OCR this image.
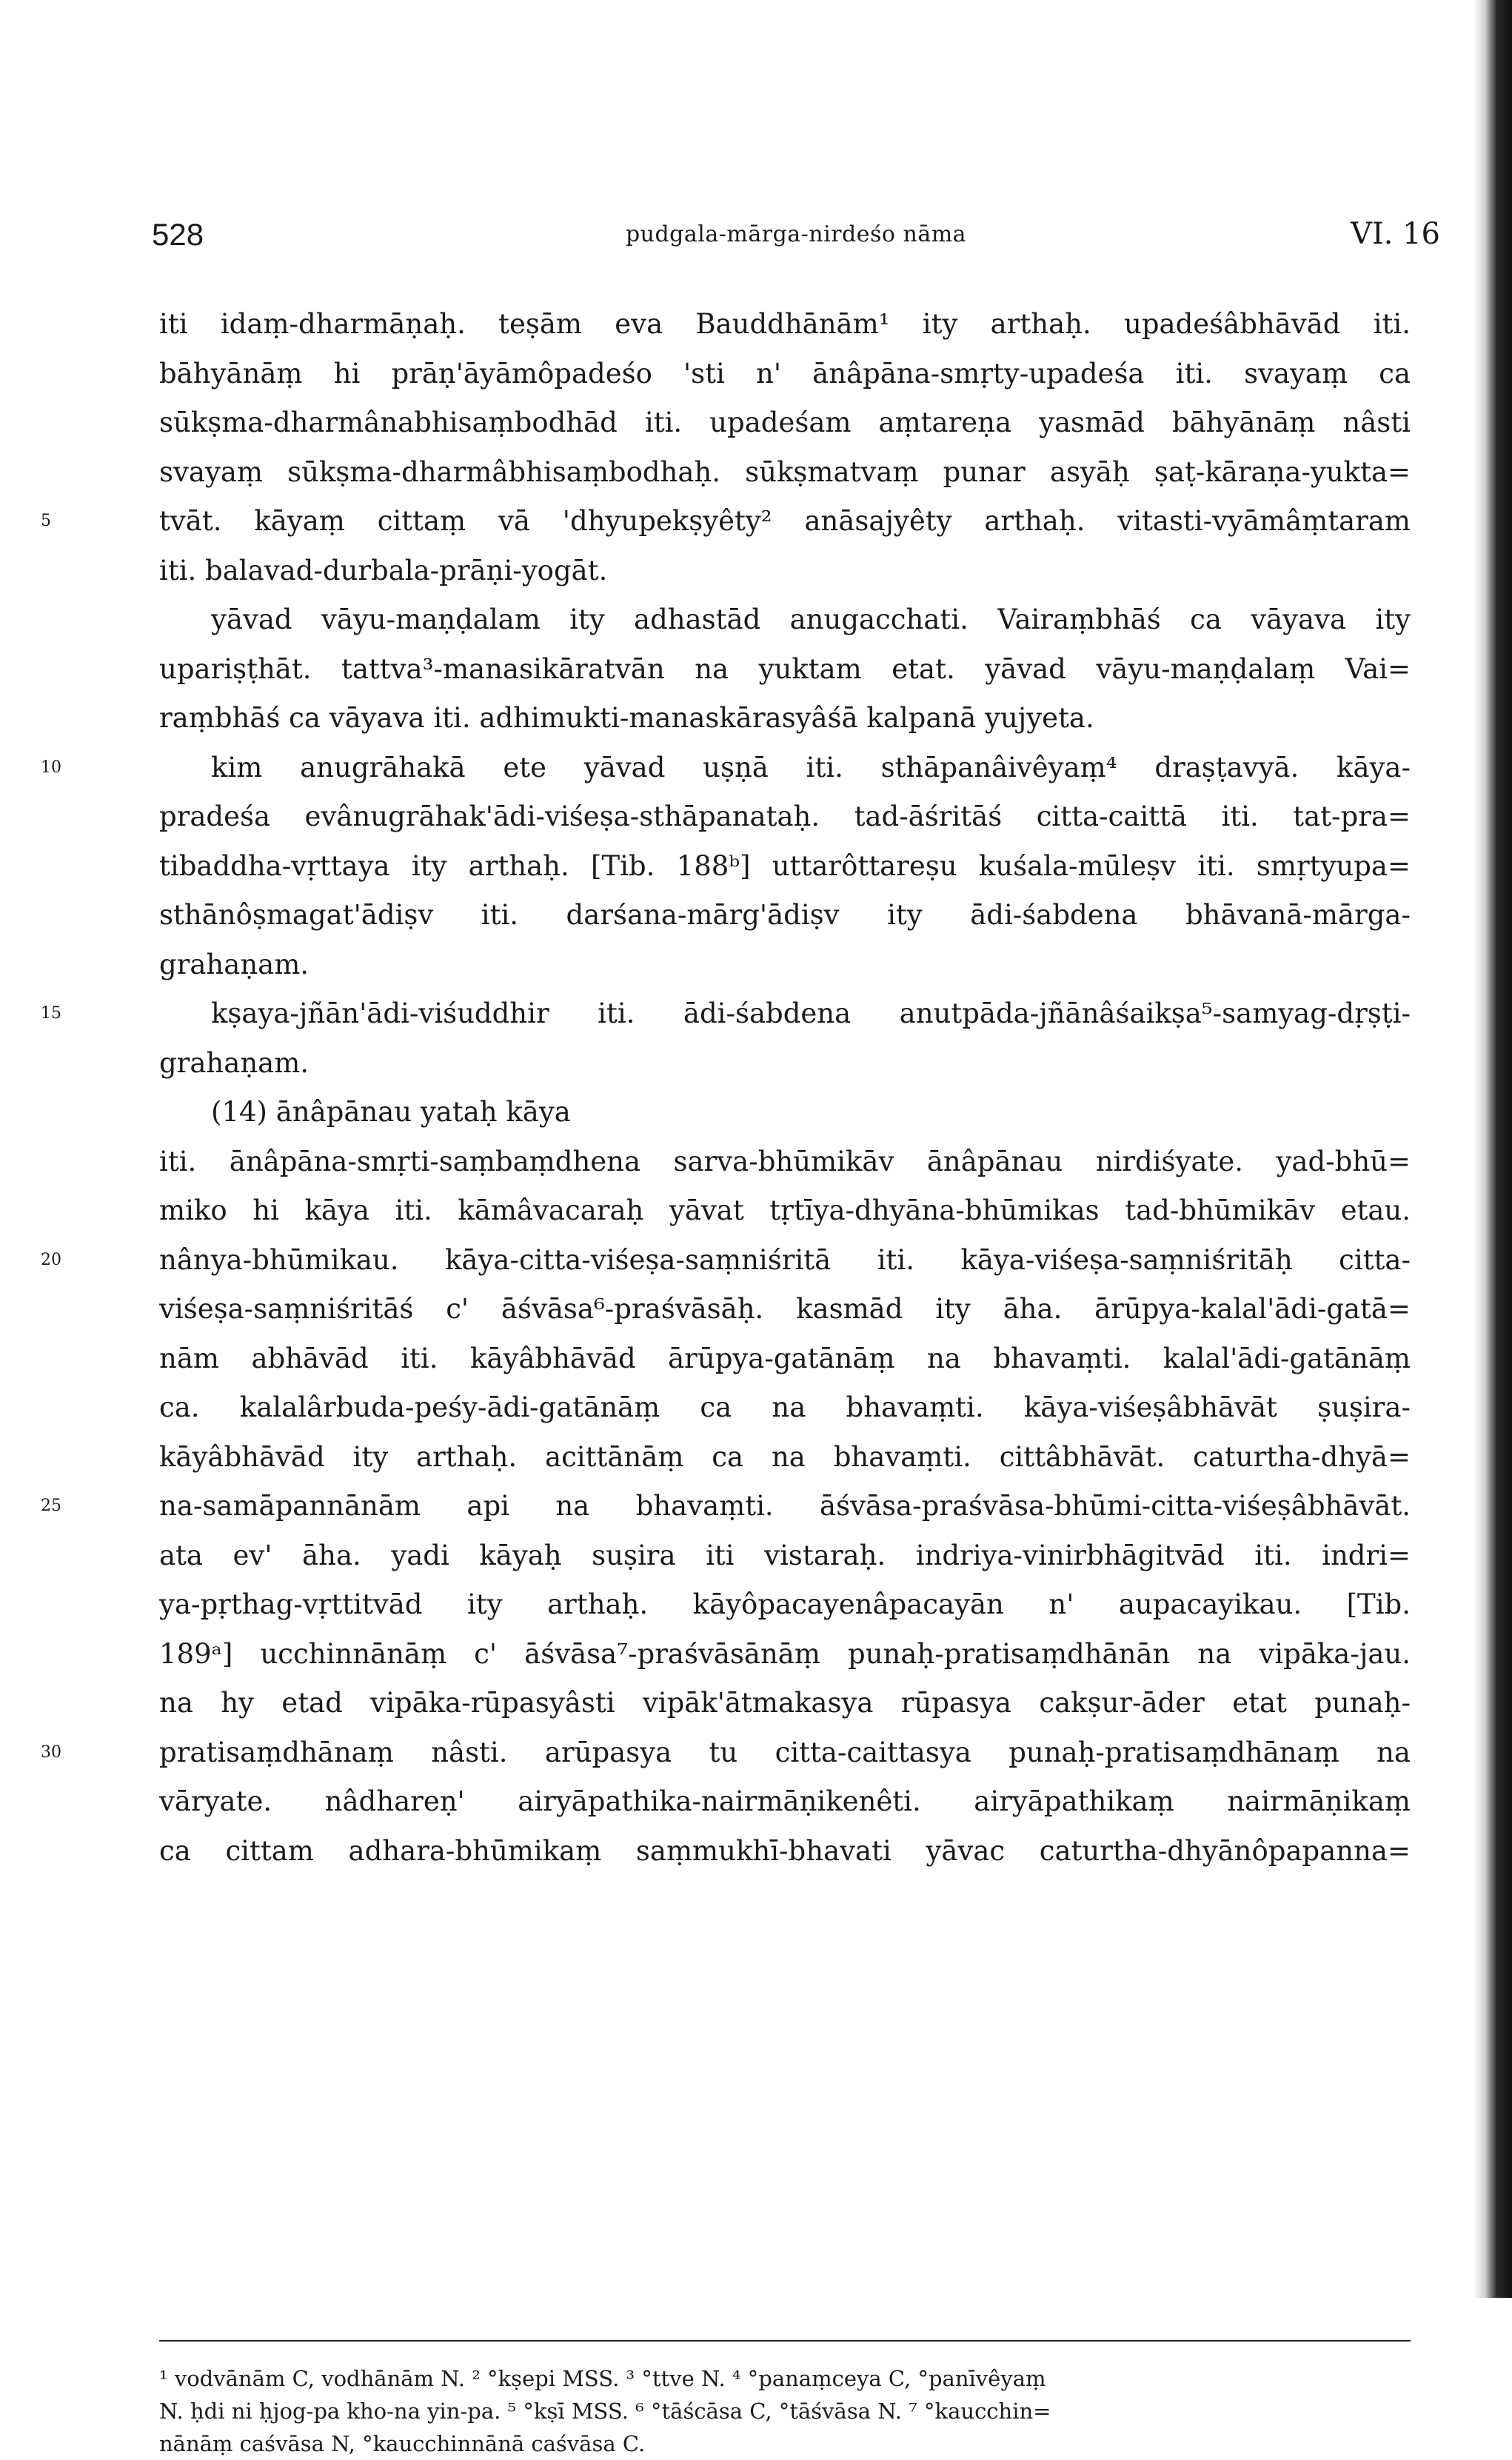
528	pudgala-mārga-nirdeśo nāma	VI. 16
iti idaṃ-dharmāṇaḥ. teṣām eva Bauddhānām¹ ity arthaḥ. upadeśâbhāvād iti.
bāhyānāṃ hi prāṇ'āyāmôpadeśo 'sti n' ānâpāna-smṛty-upadeśa iti. svayaṃ ca
sūkṣma-dharmânabhisaṃbodhād iti. upadeśam aṃtareṇa yasmād bāhyānāṃ nâsti
svayaṃ sūkṣma-dharmâbhisaṃbodhaḥ. sūkṣmatvaṃ punar asyāḥ ṣaṭ-kāraṇa-yukta=
5	tvāt. kāyaṃ cittaṃ vā 'dhyupekṣyêty² anāsajyêty arthaḥ. vitasti-vyāmâṃtaram
iti. balavad-durbala-prāṇi-yogāt.
yāvad vāyu-maṇḍalam ity adhastād anugacchati. Vairaṃbhāś ca vāyava ity
upariṣṭhāt. tattva³-manasikāratvān na yuktam etat. yāvad vāyu-maṇḍalaṃ Vai=
raṃbhāś ca vāyava iti. adhimukti-manaskārasyâśā kalpanā yujyeta.
10	kim anugrāhakā ete yāvad uṣṇā iti. sthāpanâivêyaṃ⁴ draṣṭavyā. kāya-
pradeśa evânugrāhak'ādi-viśeṣa-sthāpanataḥ. tad-āśritāś citta-caittā iti. tat-pra=
tibaddha-vṛttaya ity arthaḥ. [Tib. 188ᵇ] uttarôttareṣu kuśala-mūleṣv iti. smṛtyupa=
sthānôṣmagat'ādiṣv iti. darśana-mārg'ādiṣv ity ādi-śabdena bhāvanā-mārga-
grahaṇam.
15	kṣaya-jñān'ādi-viśuddhir iti. ādi-śabdena anutpāda-jñānâśaikṣa⁵-samyag-dṛṣṭi-
grahaṇam.
(14) ānâpānau yataḥ kāya
iti. ānâpāna-smṛti-saṃbaṃdhena sarva-bhūmikāv ānâpānau nirdiśyate. yad-bhū=
miko hi kāya iti. kāmâvacaraḥ yāvat tṛtīya-dhyāna-bhūmikas tad-bhūmikāv etau.
20	nânya-bhūmikau. kāya-citta-viśeṣa-saṃniśritā iti. kāya-viśeṣa-saṃniśritāḥ citta-
viśeṣa-saṃniśritāś c' āśvāsa⁶-praśvāsāḥ. kasmād ity āha. ārūpya-kalal'ādi-gatā=
nām abhāvād iti. kāyâbhāvād ārūpya-gatānāṃ na bhavaṃti. kalal'ādi-gatānāṃ
ca. kalalârbuda-peśy-ādi-gatānāṃ ca na bhavaṃti. kāya-viśeṣâbhāvāt ṣuṣira-
kāyâbhāvād ity arthaḥ. acittānāṃ ca na bhavaṃti. cittâbhāvāt. caturtha-dhyā=
25	na-samāpannānām api na bhavaṃti. āśvāsa-praśvāsa-bhūmi-citta-viśeṣâbhāvāt.
ata ev' āha. yadi kāyaḥ suṣira iti vistaraḥ. indriya-vinirbhāgitvād iti. indri=
ya-pṛthag-vṛttitvād ity arthaḥ. kāyôpacayenâpacayān n' aupacayikau. [Tib.
189ᵃ] ucchinnānāṃ c' āśvāsa⁷-praśvāsānāṃ punaḥ-pratisaṃdhānān na vipāka-jau.
na hy etad vipāka-rūpasyâsti vipāk'ātmakasya rūpasya cakṣur-āder etat punaḥ-
30	pratisaṃdhānaṃ nâsti. arūpasya tu citta-caittasya punaḥ-pratisaṃdhānaṃ na
vāryate. nâdhareṇ' airyāpathika-nairmāṇikenêti. airyāpathikaṃ nairmāṇikaṃ
ca cittam adhara-bhūmikaṃ saṃmukhī-bhavati yāvac caturtha-dhyānôpapanna=
¹ vodvānām C, vodhānām N. ² °kṣepi MSS. ³ °ttve N. ⁴ °panaṃceya C, °panīvêyaṃ
N. ḥdi ni ḥjog-pa kho-na yin-pa. ⁵ °kṣī MSS. ⁶ °tāścāsa C, °tāśvāsa N. ⁷ °kaucchin=
nānāṃ caśvāsa N, °kaucchinnānā caśvāsa C.
